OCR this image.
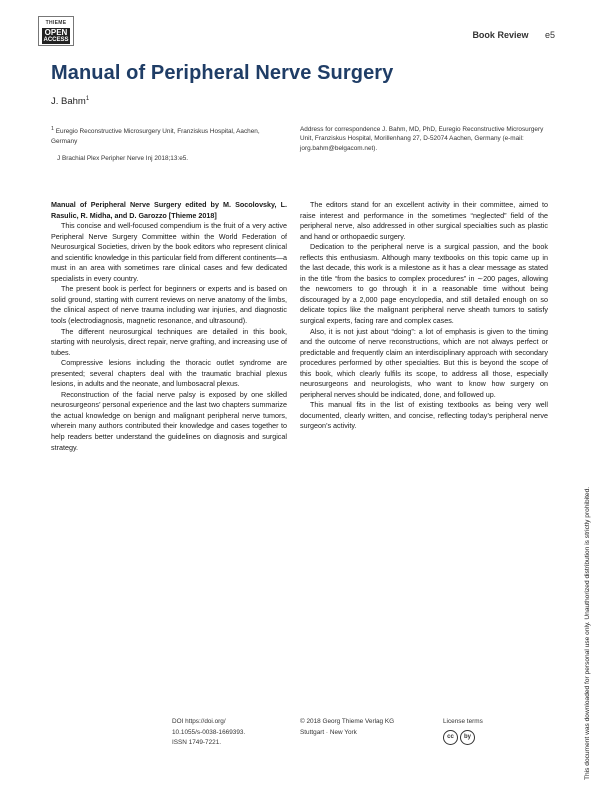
THIEME
OPEN
ACCESS	Book Review e5
Manual of Peripheral Nerve Surgery
J. Bahm$^1$
$^1$ Euregio Reconstructive Microsurgery Unit, Franziskus Hospital, Aachen, Germany
J Brachial Plex Peripher Nerve Inj 2018;13:e5.
Address for correspondence J. Bahm, MD, PhD, Euregio Reconstructive Microsurgery Unit, Franziskus Hospital, Morillenhang 27, D-52074 Aachen, Germany (e-mail: jorg.bahm@belgacom.net).

Manual of Peripheral Nerve Surgery edited by M. Socolovsky, L. Rasulic, R. Midha, and D. Garozzo [Thieme 2018]

This concise and well-focused compendium is the fruit of a very active Peripheral Nerve Surgery Committee within the World Federation of Neurosurgical Societies, driven by the book editors who represent clinical and scientific knowledge in this particular field from different continents—a must in an area with sometimes rare clinical cases and few dedicated specialists in every country.

The present book is perfect for beginners or experts and is based on solid ground, starting with current reviews on nerve anatomy of the limbs, the clinical aspect of nerve trauma including war injuries, and diagnostic tools (electrodiagnosis, magnetic resonance, and ultrasound).

The different neurosurgical techniques are detailed in this book, starting with neurolysis, direct repair, nerve grafting, and increasing use of tubes.

Compressive lesions including the thoracic outlet syndrome are presented; several chapters deal with the traumatic brachial plexus lesions, in adults and the neonate, and lumbosacral plexus.

Reconstruction of the facial nerve palsy is exposed by one skilled neurosurgeons’ personal experience and the last two chapters summarize the actual knowledge on benign and malignant peripheral nerve tumors, wherein many authors contributed their knowledge and cases together to help readers better understand the guidelines on diagnosis and surgical strategy.

The editors stand for an excellent activity in their committee, aimed to raise interest and performance in the sometimes “neglected” field of the peripheral nerve, also addressed in other surgical specialties such as plastic and hand or orthopaedic surgery.

Dedication to the peripheral nerve is a surgical passion, and the book reflects this enthusiasm. Although many textbooks on this topic came up in the last decade, this work is a milestone as it has a clear message as stated in the title “from the basics to complex procedures” in ∼200 pages, allowing the newcomers to go through it in a reasonable time without being discouraged by a 2,000 page encyclopedia, and still detailed enough on so delicate topics like the malignant peripheral nerve sheath tumors to satisfy surgical experts, facing rare and complex cases.

Also, it is not just about “doing”: a lot of emphasis is given to the timing and the outcome of nerve reconstructions, which are not always perfect or predictable and frequently claim an interdisciplinary approach with secondary procedures performed by other specialties. But this is beyond the scope of this book, which clearly fulfils its scope, to address all those, especially neurosurgeons and neurologists, who want to know how surgery on peripheral nerves should be indicated, done, and followed up.

This manual fits in the list of existing textbooks as being very well documented, clearly written, and concise, reflecting today’s peripheral nerve surgeon’s activity.

DOI https://doi.org/
10.1055/s-0038-1669393.
ISSN 1749-7221.
© 2018 Georg Thieme Verlag KG
Stuttgart · New York
License terms
cc	by	This document was downloaded for personal use only. Unauthorized distribution is strictly prohibited.
